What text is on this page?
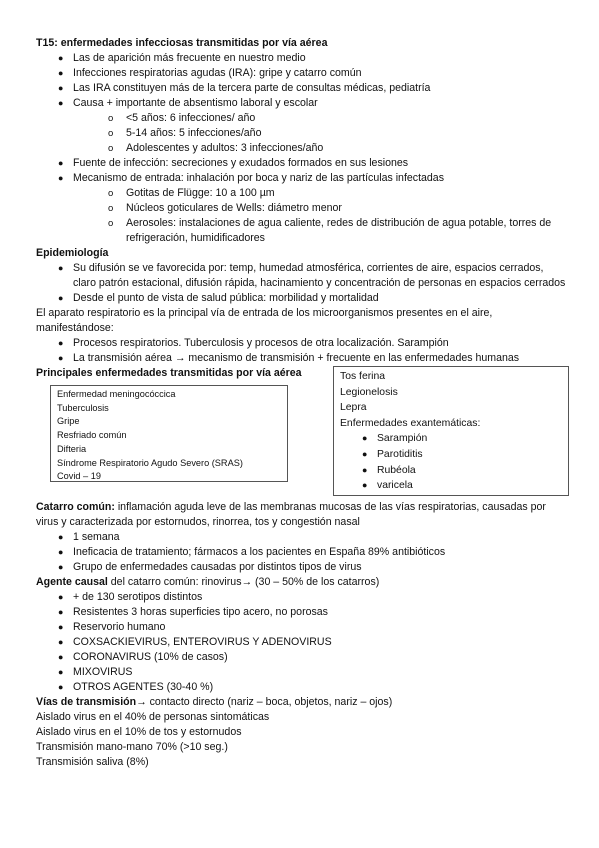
T15: enfermedades infecciosas transmitidas por vía aérea
● Las de aparición más frecuente en nuestro medio
● Infecciones respiratorias agudas (IRA): gripe y catarro común
● Las IRA constituyen más de la tercera parte de consultas médicas, pediatría
● Causa + importante de absentismo laboral y escolar
o <5 años: 6 infecciones/ año
o 5-14 años: 5 infecciones/año
o Adolescentes y adultos: 3 infecciones/año
● Fuente de infección: secreciones y exudados formados en sus lesiones
● Mecanismo de entrada: inhalación por boca y nariz de las partículas infectadas
o Gotitas de Flügge: 10 a 100 µm
o Núcleos goticulares de Wells: diámetro menor
o Aerosoles: instalaciones de agua caliente, redes de distribución de agua potable, torres de refrigeración, humidificadores
Epidemiología
● Su difusión se ve favorecida por: temp, humedad atmosférica, corrientes de aire, espacios cerrados, claro patrón estacional, difusión rápida, hacinamiento y concentración de personas en espacios cerrados
● Desde el punto de vista de salud pública: morbilidad y mortalidad
El aparato respiratorio es la principal vía de entrada de los microorganismos presentes en el aire, manifestándose:
● Procesos respiratorios. Tuberculosis y procesos de otra localización. Sarampión
● La transmisión aérea → mecanismo de transmisión + frecuente en las enfermedades humanas
Principales enfermedades transmitidas por vía aérea
Enfermedad meningocóccica
Tuberculosis
Gripe
Resfriado común
Difteria
Síndrome Respiratorio Agudo Severo (SRAS)
Covid – 19
Tos ferina
Legionelosis
Lepra
Enfermedades exantemáticas:
● Sarampión
● Parotiditis
● Rubéola
● varicela
Catarro común: inflamación aguda leve de las membranas mucosas de las vías respiratorias, causadas por virus y caracterizada por estornudos, rinorrea, tos y congestión nasal
● 1 semana
● Ineficacia de tratamiento; fármacos a los pacientes en España 89% antibióticos
● Grupo de enfermedades causadas por distintos tipos de virus
Agente causal del catarro común: rinovirus→ (30 – 50% de los catarros)
● + de 130 serotipos distintos
● Resistentes 3 horas superficies tipo acero, no porosas
● Reservorio humano
● COXSACKIEVIRUS, ENTEROVIRUS Y ADENOVIRUS
● CORONAVIRUS (10% de casos)
● MIXOVIRUS
● OTROS AGENTES (30-40 %)
Vías de transmisión→ contacto directo (nariz – boca, objetos, nariz – ojos)
Aislado virus en el 40% de personas sintomáticas
Aislado virus en el 10% de tos y estornudos
Transmisión mano-mano 70% (>10 seg.)
Transmisión saliva (8%)
